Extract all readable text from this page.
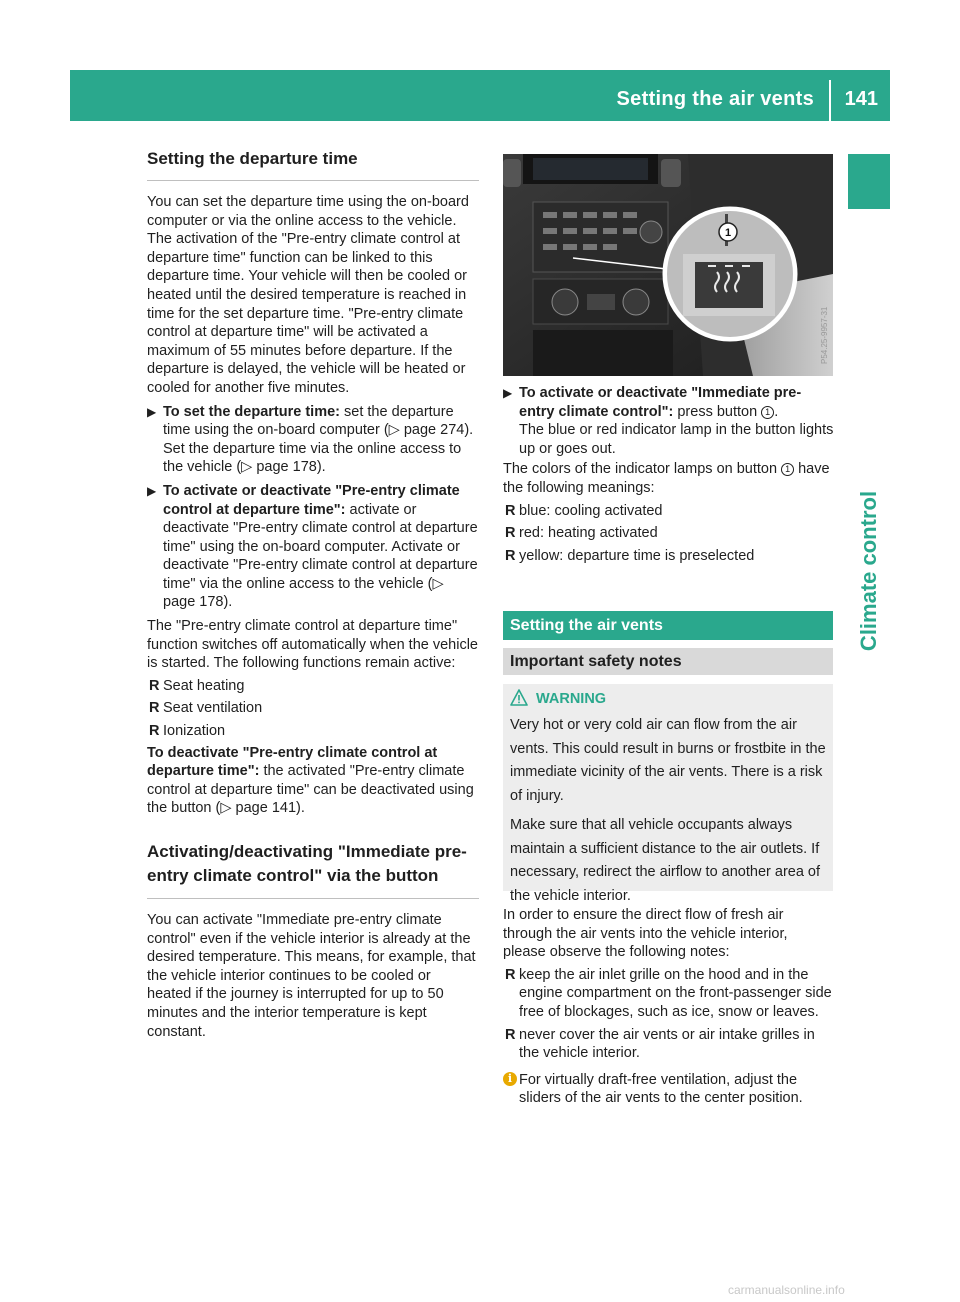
Setting the air vents 141
Climate control
Setting the departure time

You can set the departure time using the on-board computer or via the online access to the vehicle. The activation of the "Pre-entry climate control at departure time" function can be linked to this departure time. Your vehicle will then be cooled or heated until the desired temperature is reached in time for the set departure time. "Pre-entry climate control at departure time" will be activated a maximum of 55 minutes before departure. If the departure is delayed, the vehicle will be heated or cooled for another five minutes.

▶ To set the departure time: set the departure time using the on-board computer (▷ page 274). Set the departure time via the online access to the vehicle (▷ page 178).
▶ To activate or deactivate "Pre-entry climate control at departure time": activate or deactivate "Pre-entry climate control at departure time" using the on-board computer. Activate or deactivate "Pre-entry climate control at departure time" via the online access to the vehicle (▷ page 178).

The "Pre-entry climate control at departure time" function switches off automatically when the vehicle is started. The following functions remain active:

R Seat heating
R Seat ventilation
R Ionization

To deactivate "Pre-entry climate control at departure time": the activated "Pre-entry climate control at departure time" can be deactivated using the button (▷ page 141).

Activating/deactivating "Immediate pre-entry climate control" via the button

You can activate "Immediate pre-entry climate control" even if the vehicle interior is already at the desired temperature. This means, for example, that the vehicle interior continues to be cooled or heated if the journey is interrupted for up to 50 minutes and the interior temperature is kept constant.

1
P54.25-9957-31
▶ To activate or deactivate "Immediate pre-entry climate control": press button 1 .
The blue or red indicator lamp in the button lights up or goes out.

The colors of the indicator lamps on button 1 have the following meanings:

R blue: cooling activated
R red: heating activated
R yellow: departure time is preselected
Setting the air vents
Important safety notes
WARNING

Very hot or very cold air can flow from the air vents. This could result in burns or frostbite in the immediate vicinity of the air vents. There is a risk of injury.

Make sure that all vehicle occupants always maintain a sufficient distance to the air outlets. If necessary, redirect the airflow to another area of the vehicle interior.

In order to ensure the direct flow of fresh air through the air vents into the vehicle interior, please observe the following notes:

R keep the air inlet grille on the hood and in the engine compartment on the front-passenger side free of blockages, such as ice, snow or leaves.
R never cover the air vents or air intake grilles in the vehicle interior.
i For virtually draft-free ventilation, adjust the sliders of the air vents to the center position.
carmanualsonline.info
